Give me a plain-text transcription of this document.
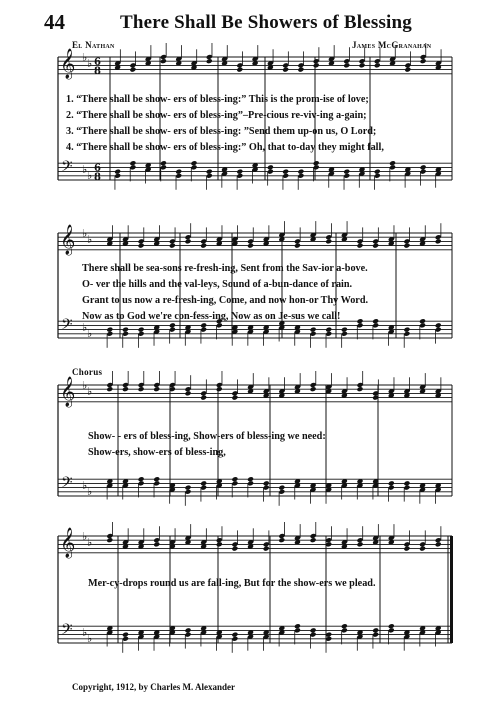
44	There Shall Be Showers of Blessing
El Nathan	James McGranahan
𝄞
𝄢
♭ ♭
♭ ♭
6
8
6
8
𝄞
𝄢
♭ ♭
♭ ♭
𝄞
𝄢
♭ ♭
♭ ♭
𝄞
𝄢
♭ ♭
♭ ♭
1. “There shall be show- ers of bless-ing:” This is the prom-ise of love;
2. “There shall be show- ers of bless-ing”–Pre-cious re-viv-ing a-gain;
3. “There shall be show- ers of bless-ing: ”Send them up-on us, O Lord;
4. “There shall be show- ers of bless-ing:” Oh, that to-day they might fall,
There shall be sea-sons re-fresh-ing, Sent from the Sav-ior a-bove.
O- ver the hills and the val-leys, Sound of a-bun-dance of rain.
Grant to us now a re-fresh-ing, Come, and now hon-or Thy Word.
Now as to God we're con-fess-ing, Now as on Je-sus we call!
Chorus
Show- - ers of bless-ing, Show-ers of bless-ing we need:
Show-ers, show-ers of bless-ing,
Mer-cy-drops round us are fall-ing, But for the show-ers we plead.
Copyright, 1912, by Charles M. Alexander
